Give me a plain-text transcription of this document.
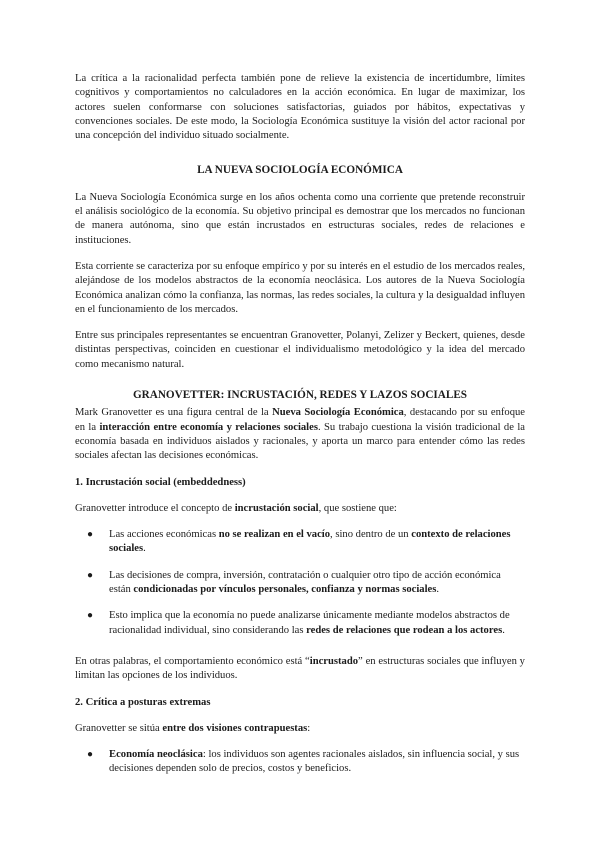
La crítica a la racionalidad perfecta también pone de relieve la existencia de incertidumbre, límites cognitivos y comportamientos no calculadores en la acción económica. En lugar de maximizar, los actores suelen conformarse con soluciones satisfactorias, guiados por hábitos, expectativas y convenciones sociales. De este modo, la Sociología Económica sustituye la visión del actor racional por una concepción del individuo situado socialmente.

LA NUEVA SOCIOLOGÍA ECONÓMICA

La Nueva Sociología Económica surge en los años ochenta como una corriente que pretende reconstruir el análisis sociológico de la economía. Su objetivo principal es demostrar que los mercados no funcionan de manera autónoma, sino que están incrustados en estructuras sociales, redes de relaciones e instituciones.

Esta corriente se caracteriza por su enfoque empírico y por su interés en el estudio de los mercados reales, alejándose de los modelos abstractos de la economía neoclásica. Los autores de la Nueva Sociología Económica analizan cómo la confianza, las normas, las redes sociales, la cultura y la desigualdad influyen en el funcionamiento de los mercados.

Entre sus principales representantes se encuentran Granovetter, Polanyi, Zelizer y Beckert, quienes, desde distintas perspectivas, coinciden en cuestionar el individualismo metodológico y la idea del mercado como mecanismo natural.

GRANOVETTER: INCRUSTACIÓN, REDES Y LAZOS SOCIALES

Mark Granovetter es una figura central de la Nueva Sociología Económica, destacando por su enfoque en la interacción entre economía y relaciones sociales. Su trabajo cuestiona la visión tradicional de la economía basada en individuos aislados y racionales, y aporta un marco para entender cómo las redes sociales afectan las decisiones económicas.

1. Incrustación social (embeddedness)

Granovetter introduce el concepto de incrustación social, que sostiene que:

● Las acciones económicas no se realizan en el vacío, sino dentro de un contexto de relaciones sociales.
● Las decisiones de compra, inversión, contratación o cualquier otro tipo de acción económica están condicionadas por vínculos personales, confianza y normas sociales.
● Esto implica que la economía no puede analizarse únicamente mediante modelos abstractos de racionalidad individual, sino considerando las redes de relaciones que rodean a los actores.

En otras palabras, el comportamiento económico está “incrustado” en estructuras sociales que influyen y limitan las opciones de los individuos.

2. Crítica a posturas extremas

Granovetter se sitúa entre dos visiones contrapuestas:

● Economía neoclásica: los individuos son agentes racionales aislados, sin influencia social, y sus decisiones dependen solo de precios, costos y beneficios.
